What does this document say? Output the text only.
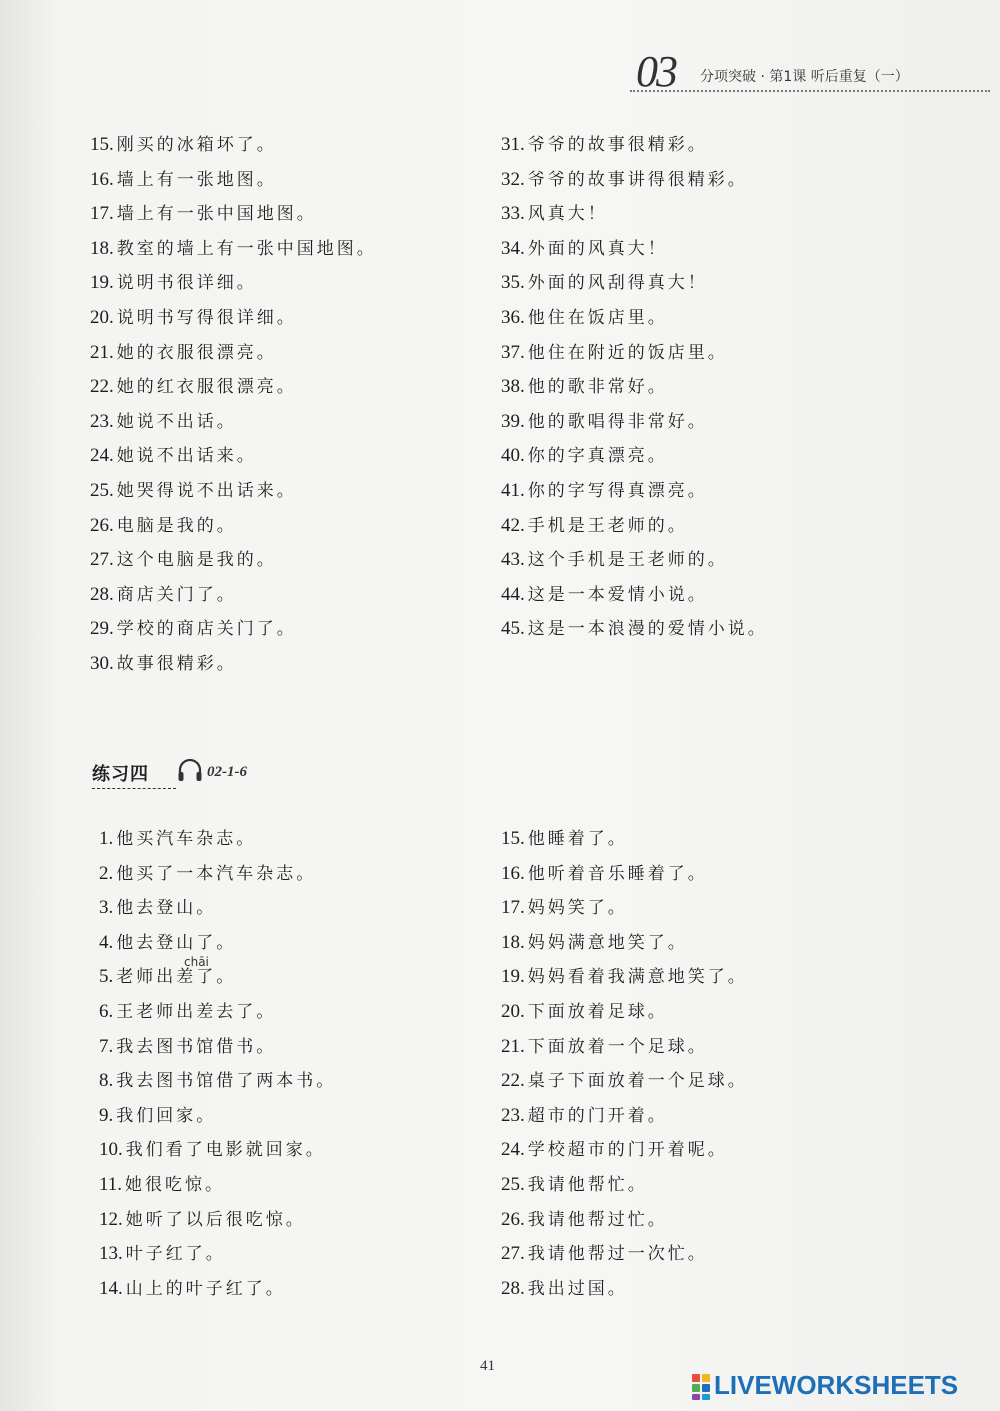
03 分项突破 · 第1课 听后重复（一）
15. 刚买的冰箱坏了。
16. 墙上有一张地图。
17. 墙上有一张中国地图。
18. 教室的墙上有一张中国地图。
19. 说明书很详细。
20. 说明书写得很详细。
21. 她的衣服很漂亮。
22. 她的红衣服很漂亮。
23. 她说不出话。
24. 她说不出话来。
25. 她哭得说不出话来。
26. 电脑是我的。
27. 这个电脑是我的。
28. 商店关门了。
29. 学校的商店关门了。
30. 故事很精彩。
31. 爷爷的故事很精彩。
32. 爷爷的故事讲得很精彩。
33. 风真大！
34. 外面的风真大！
35. 外面的风刮得真大！
36. 他住在饭店里。
37. 他住在附近的饭店里。
38. 他的歌非常好。
39. 他的歌唱得非常好。
40. 你的字真漂亮。
41. 你的字写得真漂亮。
42. 手机是王老师的。
43. 这个手机是王老师的。
44. 这是一本爱情小说。
45. 这是一本浪漫的爱情小说。
练习四	02-1-6
1. 他买汽车杂志。
2. 他买了一本汽车杂志。
3. 他去登山。
4. 他去登山了。
5. 老师出差了。
6. 王老师出差去了。
7. 我去图书馆借书。
8. 我去图书馆借了两本书。
9. 我们回家。
10. 我们看了电影就回家。
11. 她很吃惊。
12. 她听了以后很吃惊。
13. 叶子红了。
14. 山上的叶子红了。
15. 他睡着了。
16. 他听着音乐睡着了。
17. 妈妈笑了。
18. 妈妈满意地笑了。
19. 妈妈看着我满意地笑了。
20. 下面放着足球。
21. 下面放着一个足球。
22. 桌子下面放着一个足球。
23. 超市的门开着。
24. 学校超市的门开着呢。
25. 我请他帮忙。
26. 我请他帮过忙。
27. 我请他帮过一次忙。
28. 我出过国。
chāi
41
LIVEWORKSHEETS
